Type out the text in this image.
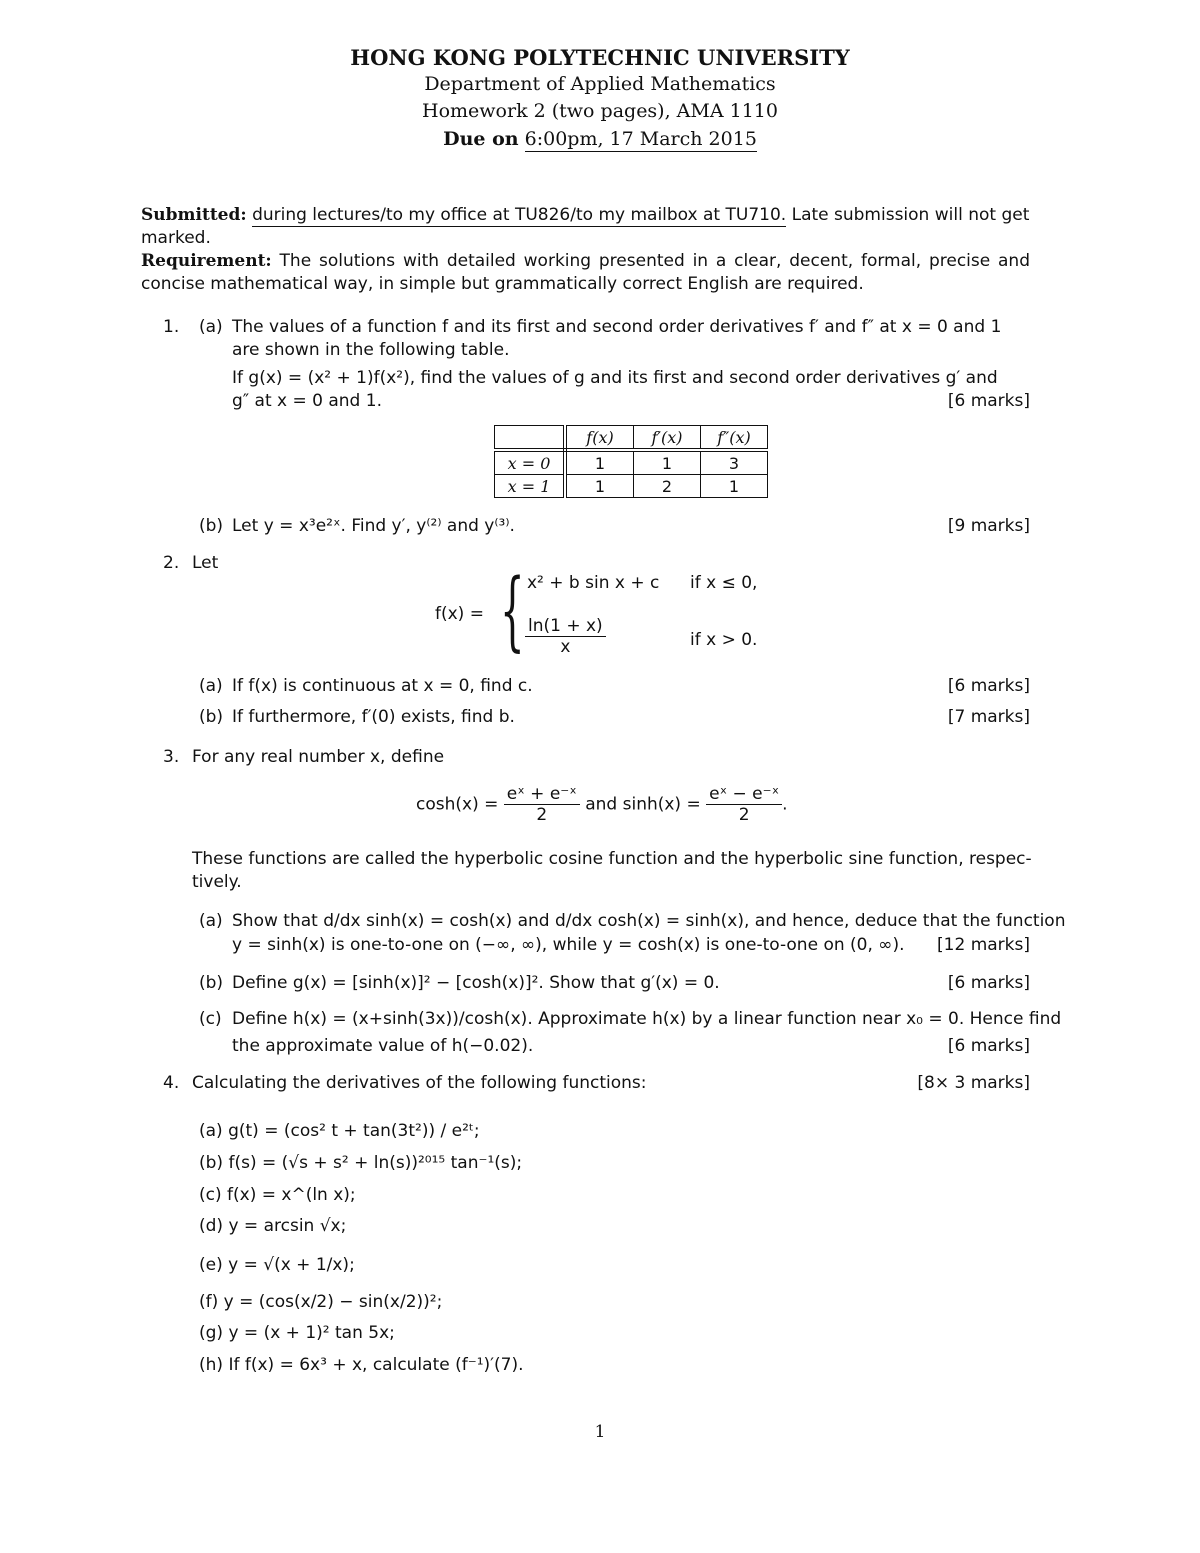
HONG KONG POLYTECHNIC UNIVERSITY
Department of Applied Mathematics
Homework 2 (two pages), AMA 1110
Due on 6:00pm, 17 March 2015
Submitted: during lectures/to my office at TU826/to my mailbox at TU710. Late submission will not get marked.
Requirement: The solutions with detailed working presented in a clear, decent, formal, precise and concise mathematical way, in simple but grammatically correct English are required.
1. (a) The values of a function f and its first and second order derivatives f′ and f″ at x = 0 and 1
are shown in the following table.
If g(x) = (x² + 1)f(x²), find the values of g and its first and second order derivatives g′ and
g″ at x = 0 and 1.	[6 marks]
	f(x)	f′(x)	f″(x)
x = 0	1	1	3
x = 1	1	2	1
(b) Let y = x³e²ˣ. Find y′, y⁽²⁾ and y⁽³⁾.	[9 marks]
2. Let
f(x) = { x² + b sin x + c if x ≤ 0,
$\frac{\ln(1 + x)}{x}$	if x > 0.
(a) If f(x) is continuous at x = 0, find c.	[6 marks]
(b) If furthermore, f′(0) exists, find b.	[7 marks]
3. For any real number x, define
$\cosh(x) = \frac{\text{eˣ + e⁻ˣ}}{2}$ and $\sinh(x) = \frac{\text{eˣ − e⁻ˣ}}{2}$ .
These functions are called the hyperbolic cosine function and the hyperbolic sine function, respec-
tively.
(a) Show that d/dx sinh(x) = cosh(x) and d/dx cosh(x) = sinh(x), and hence, deduce that the function
y = sinh(x) is one-to-one on (−∞, ∞), while y = cosh(x) is one-to-one on (0, ∞). [12 marks]
(b) Define g(x) = [sinh(x)]² − [cosh(x)]². Show that g′(x) = 0.	[6 marks]
(c) Define h(x) = (x+sinh(3x))/cosh(x). Approximate h(x) by a linear function near x₀ = 0. Hence find
the approximate value of h(−0.02).	[6 marks]
4. Calculating the derivatives of the following functions:	[8× 3 marks]
(a) g(t) = (cos² t + tan(3t²)) / e²ᵗ;
(b) f(s) = (√s + s² + ln(s))²⁰¹⁵ tan⁻¹(s);
(c) f(x) = x^(ln x);
(d) y = arcsin √x;
(e) y = √(x + 1/x);
(f) y = (cos(x/2) − sin(x/2))²;
(g) y = (x + 1)² tan 5x;
(h) If f(x) = 6x³ + x, calculate (f⁻¹)′(7).
1
